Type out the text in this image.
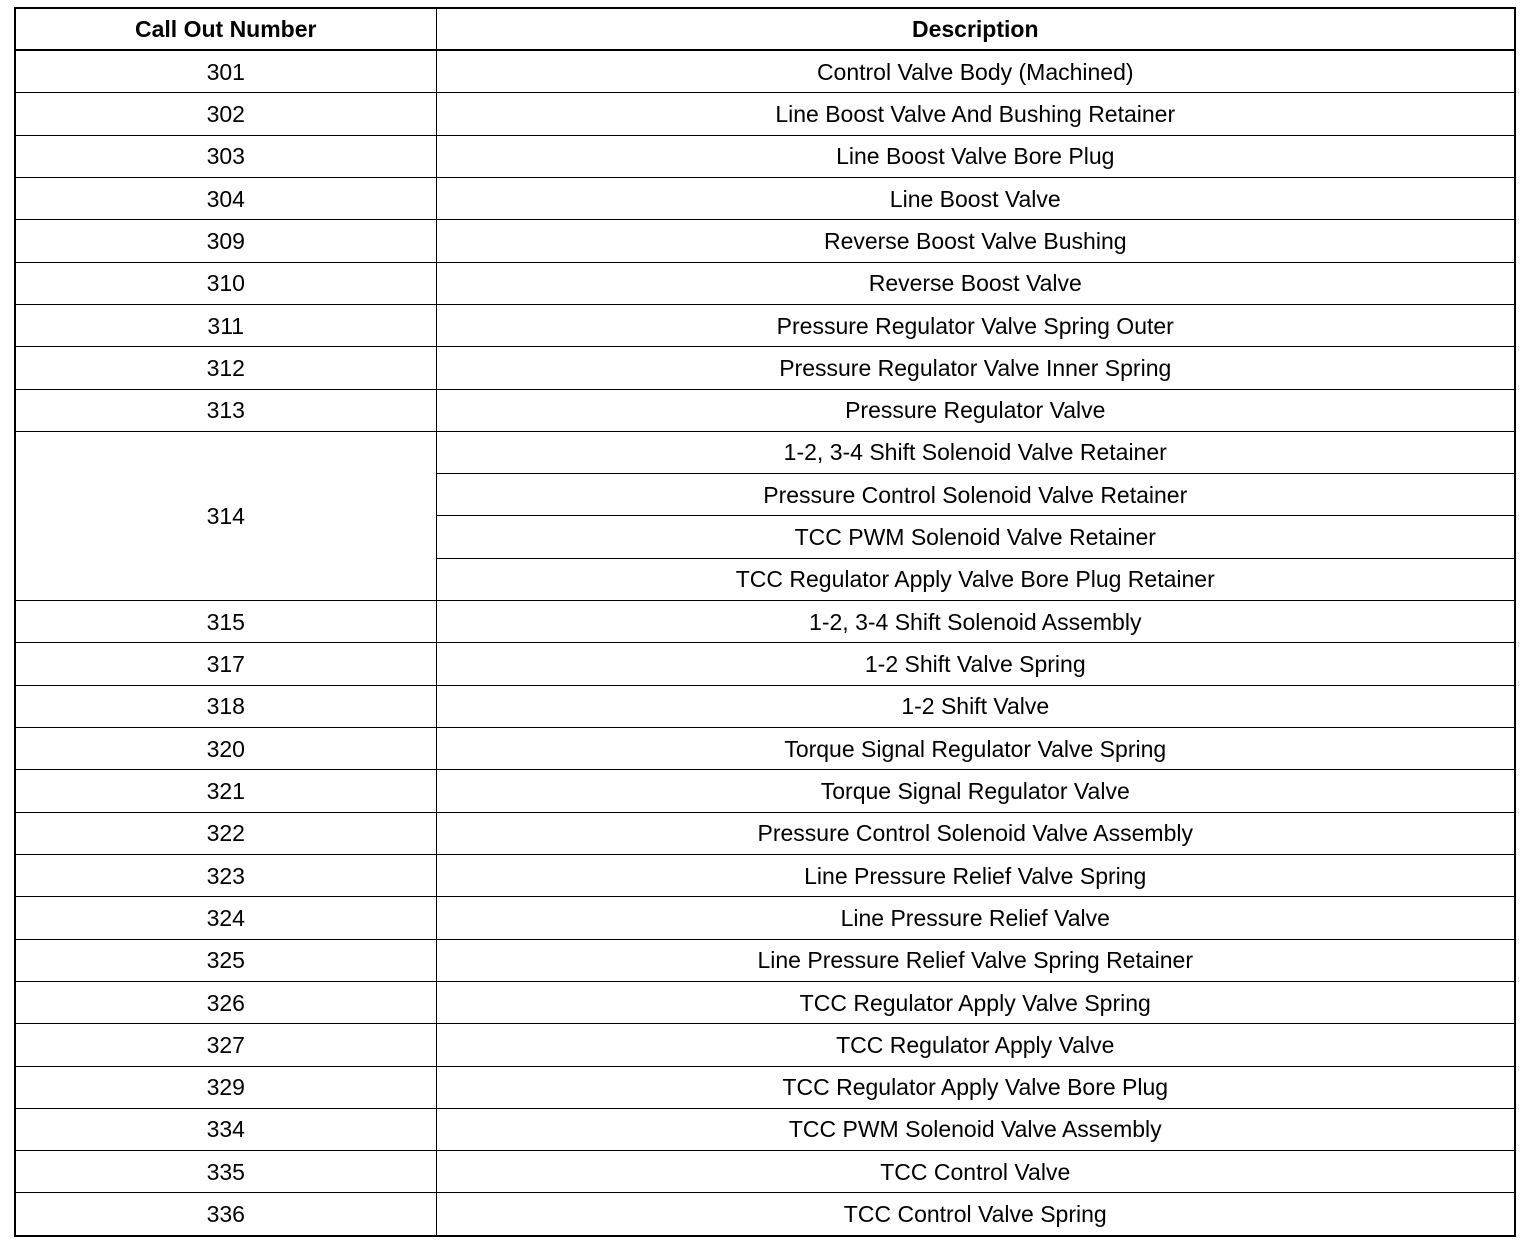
Call Out Number	Description
301	Control Valve Body (Machined)
302	Line Boost Valve And Bushing Retainer
303	Line Boost Valve Bore Plug
304	Line Boost Valve
309	Reverse Boost Valve Bushing
310	Reverse Boost Valve
311	Pressure Regulator Valve Spring Outer
312	Pressure Regulator Valve Inner Spring
313	Pressure Regulator Valve
314	1-2, 3-4 Shift Solenoid Valve Retainer
	Pressure Control Solenoid Valve Retainer
	TCC PWM Solenoid Valve Retainer
	TCC Regulator Apply Valve Bore Plug Retainer
315	1-2, 3-4 Shift Solenoid Assembly
317	1-2 Shift Valve Spring
318	1-2 Shift Valve
320	Torque Signal Regulator Valve Spring
321	Torque Signal Regulator Valve
322	Pressure Control Solenoid Valve Assembly
323	Line Pressure Relief Valve Spring
324	Line Pressure Relief Valve
325	Line Pressure Relief Valve Spring Retainer
326	TCC Regulator Apply Valve Spring
327	TCC Regulator Apply Valve
329	TCC Regulator Apply Valve Bore Plug
334	TCC PWM Solenoid Valve Assembly
335	TCC Control Valve
336	TCC Control Valve Spring
